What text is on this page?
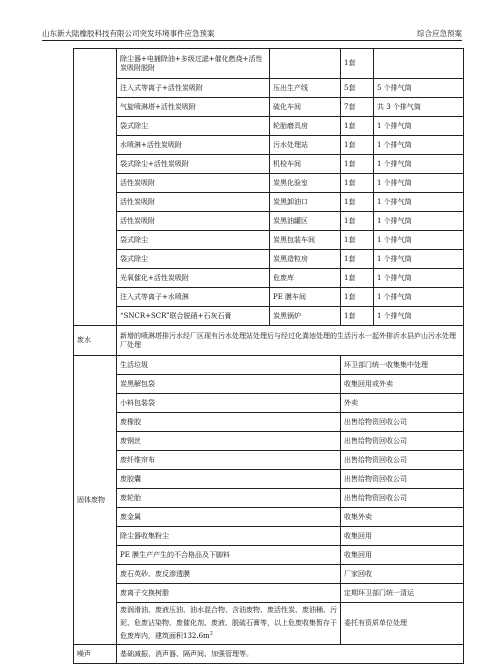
山东新大陆橡胶科技有限公司突发环境事件应急预案	综合应急预案
	除尘器+电捕除油+多级过滤+催化燃烧+活性炭吸附脱附		1套	
	注入式等离子+活性炭吸附	压出生产线	5套	5 个排气筒
	气旋喷淋塔+活性炭吸附	硫化车间	7套	共 3 个排气筒
	袋式除尘	轮胎磨具房	1套	1 个排气筒
	水喷淋+活性炭吸附	污水处理站	1套	1 个排气筒
	袋式除尘+活性炭吸附	机检车间	1套	1 个排气筒
	活性炭吸附	炭黑化验室	1套	1 个排气筒
	活性炭吸附	炭黑卸油口	1套	1 个排气筒
	活性炭吸附	炭黑油罐区	1套	1 个排气筒
	袋式除尘	炭黑包装车间	1套	1 个排气筒
	袋式除尘	炭黑造粒房	1套	1 个排气筒
	光氧催化+活性炭吸附	危废库	1套	1 个排气筒
	注入式等离子+水喷淋	PE 膜车间	1套	1 个排气筒
	“SNCR+SCR”联合脱硝+石灰石膏	炭黑锅炉	1套	1 个排气筒
废水	新增的喷淋塔排污水经厂区现有污水处理站处理后与经过化粪池处理的生活污水一起外排沂水县庐山污水处理厂处理			
固体废物	生活垃圾		环卫部门统一收集集中处理	
	炭黑解包袋		收集回用或外卖	
	小料包装袋		外卖	
	废橡胶		出售给物资回收公司	
	废钢丝		出售给物资回收公司	
	废纤维帘布		出售给物资回收公司	
	废胶囊		出售给物资回收公司	
	废轮胎		出售给物资回收公司	
	废金属		收集外卖	
	除尘器收集粉尘		收集回用	
	PE 膜生产产生的不合格品及下脚料		收集回用	
	废石英砂、废反渗透膜		厂家回收	
	废离子交换树脂		定期环卫部门统一清运	
	废润滑油、废液压油、油水混合物、含油废物、废活性炭、废油桶、污泥、危废沾染物、废催化剂、废液、脱硫石膏等，以上危废收集暂存于危废库内，建筑面积$132.6m^2$		委托有资质单位处理	
噪声	基础减振、消声器、隔声间、加强管理等。			
